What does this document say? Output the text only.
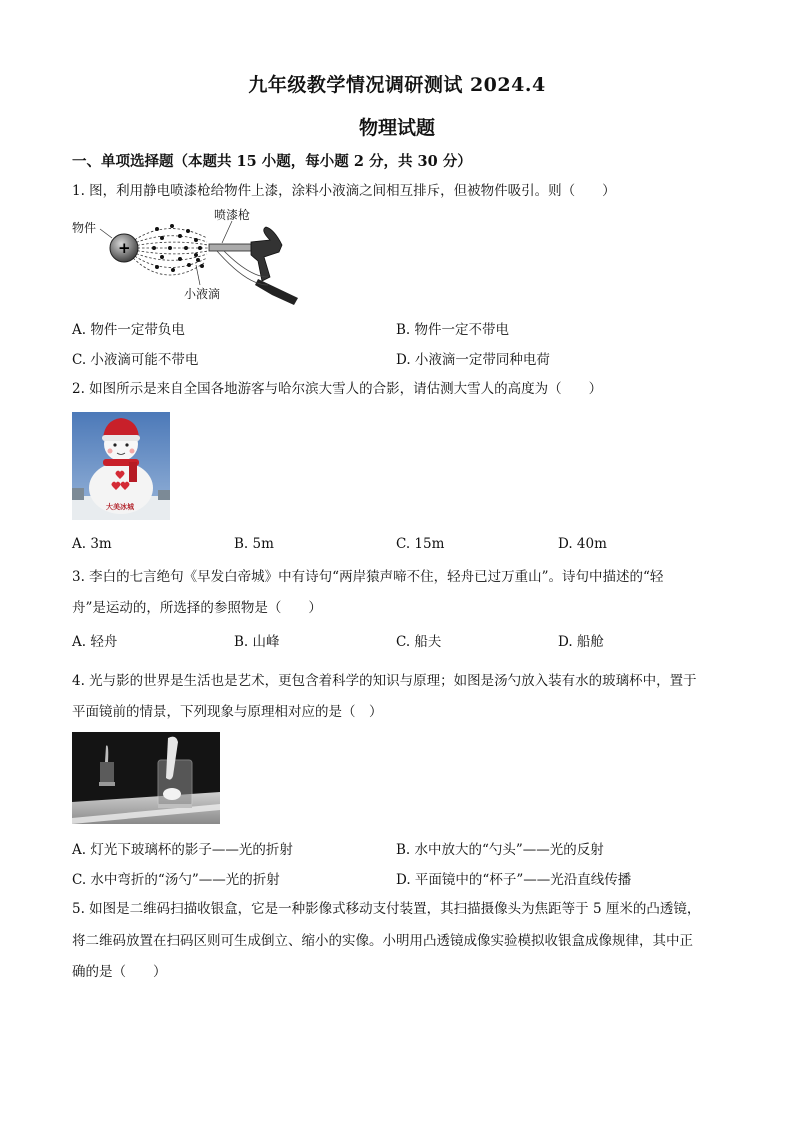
九年级教学情况调研测试 2024.4
物理试题
一、单项选择题（本题共 15 小题，每小题 2 分，共 30 分）
1. 图，利用静电喷漆枪给物件上漆，涂料小液滴之间相互排斥，但被物件吸引。则（　　）
+
物件
喷漆枪
小液滴
A. 物件一定带负电	B. 物件一定不带电
C. 小液滴可能不带电	D. 小液滴一定带同种电荷
2. 如图所示是来自全国各地游客与哈尔滨大雪人的合影，请估测大雪人的高度为（　　）
大美冰城
A. 3m	B. 5m	C. 15m	D. 40m
3. 李白的七言绝句《早发白帝城》中有诗句“两岸猿声啼不住，轻舟已过万重山”。诗句中描述的“轻
舟”是运动的，所选择的参照物是（　　）
A. 轻舟	B. 山峰	C. 船夫	D. 船舱
4. 光与影的世界是生活也是艺术，更包含着科学的知识与原理；如图是汤勺放入装有水的玻璃杯中，置于
平面镜前的情景，下列现象与原理相对应的是（　）
A. 灯光下玻璃杯的影子——光的折射	B. 水中放大的“勺头”——光的反射
C. 水中弯折的“汤勺”——光的折射	D. 平面镜中的“杯子”——光沿直线传播
5. 如图是二维码扫描收银盒，它是一种影像式移动支付装置，其扫描摄像头为焦距等于 5 厘米的凸透镜，
将二维码放置在扫码区则可生成倒立、缩小的实像。小明用凸透镜成像实验模拟收银盒成像规律，其中正
确的是（　　）
